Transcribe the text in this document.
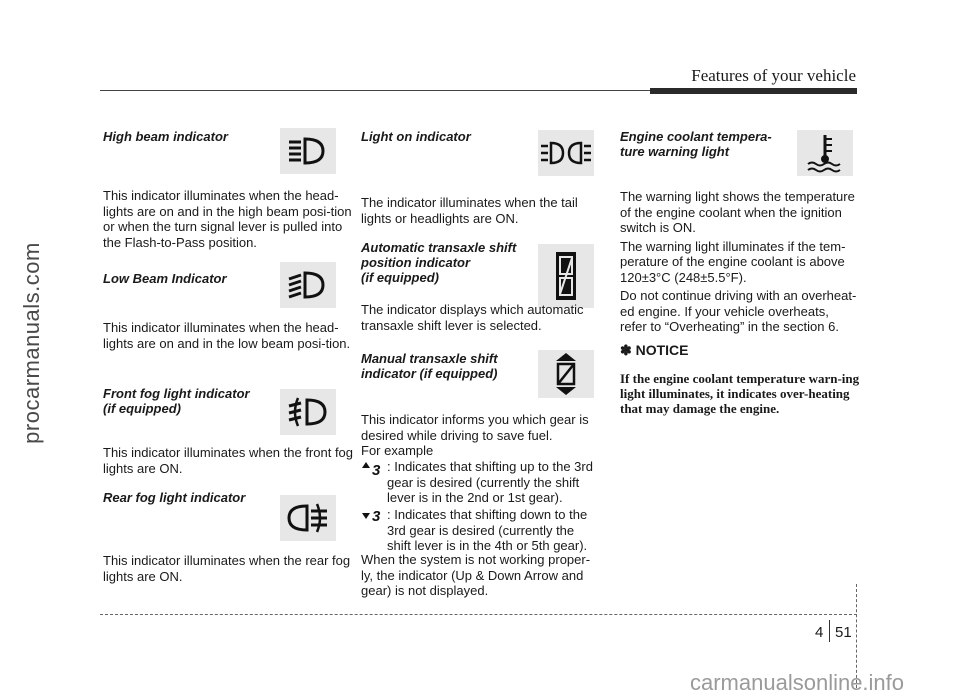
procarmanuals.com
carmanualsonline.info
Features of your vehicle
High beam indicator
This indicator illuminates when the head-lights are on and in the high beam posi-tion or when the turn signal lever is pulled into the Flash-to-Pass position.
Low Beam Indicator
This indicator illuminates when the head-lights are on and in the low beam posi-tion.
Front fog light indicator
(if equipped)
This indicator illuminates when the front fog lights are ON.
Rear fog light indicator
This indicator illuminates when the rear fog lights are ON.
Light on indicator
The indicator illuminates when the tail lights or headlights are ON.
Automatic transaxle shift
position indicator
(if equipped)
The indicator displays which automatic transaxle shift lever is selected.
Manual transaxle shift
indicator (if equipped)
This indicator informs you which gear is desired while driving to save fuel.
For example
3 : Indicates that shifting up to the 3rd gear is desired (currently the shift lever is in the 2nd or 1st gear).
3 : Indicates that shifting down to the 3rd gear is desired (currently the shift lever is in the 4th or 5th gear).
When the system is not working proper-ly, the indicator (Up & Down Arrow and gear) is not displayed.
Engine coolant tempera-
ture warning light

The warning light shows the temperature of the engine coolant when the ignition switch is ON.

The warning light illuminates if the tem-perature of the engine coolant is above 120±3°C (248±5.5°F).

Do not continue driving with an overheat-ed engine. If your vehicle overheats, refer to “Overheating” in the section 6.

✽ NOTICE
If the engine coolant temperature warn-ing light illuminates, it indicates over-heating that may damage the engine.
4 51
